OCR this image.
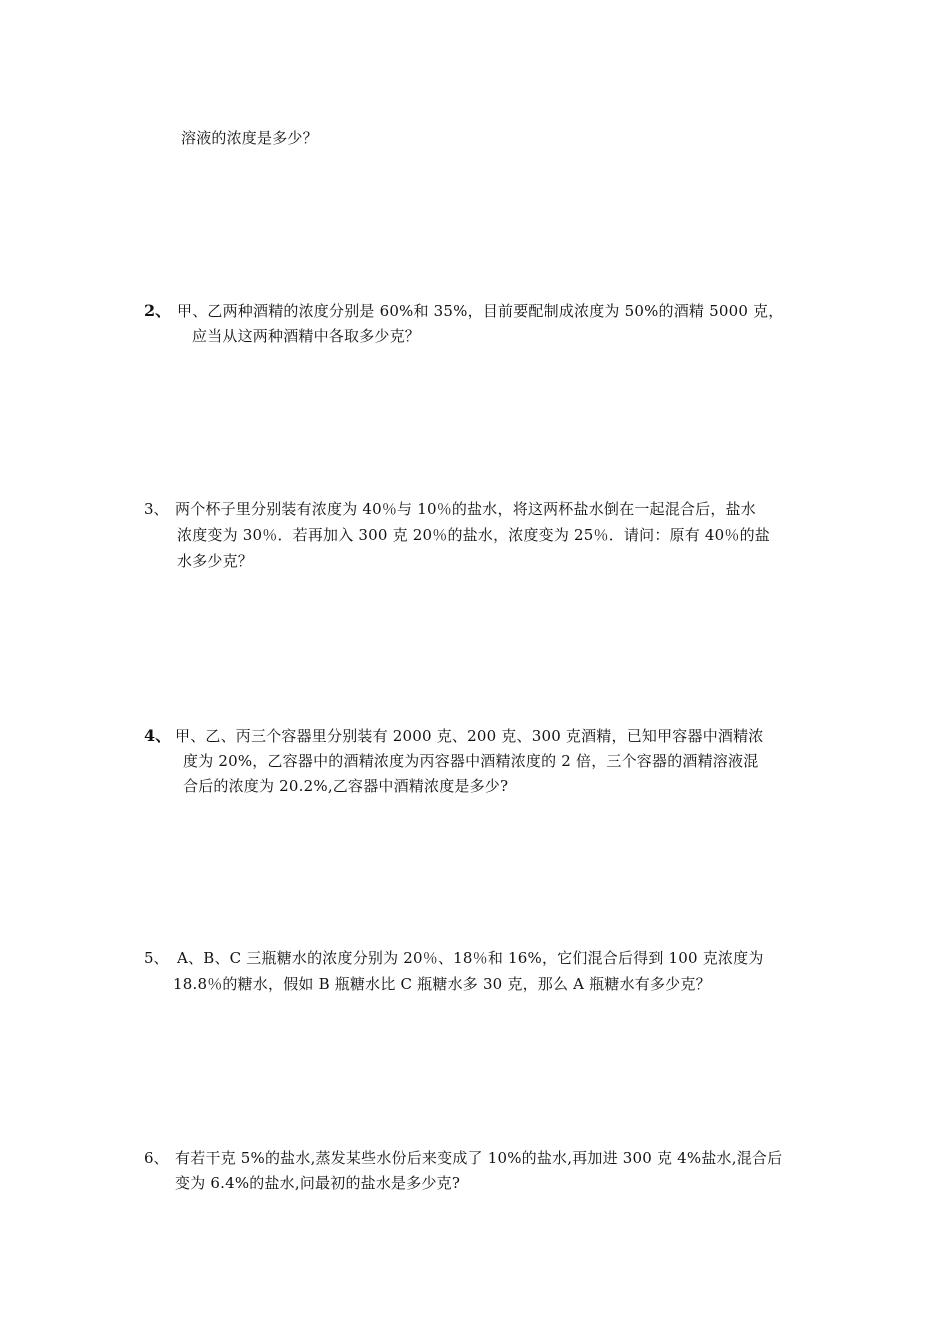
溶液的浓度是多少？
2、 甲、乙两种酒精的浓度分别是 60%和 35%，目前要配制成浓度为 50%的酒精 5000 克，
应当从这两种酒精中各取多少克？
3、 两个杯子里分别装有浓度为 40％与 10％的盐水，将这两杯盐水倒在一起混合后，盐水
浓度变为 30％．若再加入 300 克 20％的盐水，浓度变为 25％．请问：原有 40％的盐
水多少克？
4、 甲、乙、丙三个容器里分别装有 2000 克、200 克、300 克酒精，已知甲容器中酒精浓
度为 20%，乙容器中的酒精浓度为丙容器中酒精浓度的 2 倍，三个容器的酒精溶液混
合后的浓度为 20.2%,乙容器中酒精浓度是多少?
5、 A、B、C 三瓶糖水的浓度分别为 20％、18％和 16%，它们混合后得到 100 克浓度为
18.8％的糖水，假如 B 瓶糖水比 C 瓶糖水多 30 克，那么 A 瓶糖水有多少克？
6、 有若干克 5%的盐水,蒸发某些水份后来变成了 10%的盐水,再加进 300 克 4%盐水,混合后
变为 6.4%的盐水,问最初的盐水是多少克?
